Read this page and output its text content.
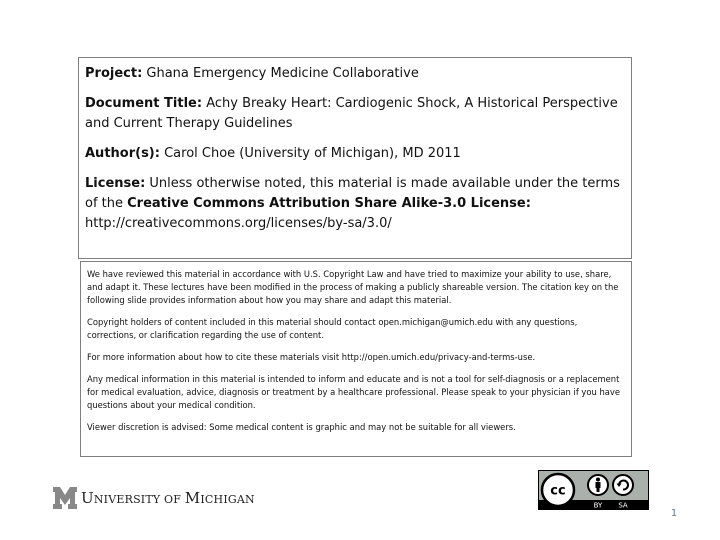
Project: Ghana Emergency Medicine Collaborative

Document Title: Achy Breaky Heart: Cardiogenic Shock, A Historical Perspective and Current Therapy Guidelines

Author(s): Carol Choe (University of Michigan), MD 2011

License: Unless otherwise noted, this material is made available under the terms of the Creative Commons Attribution Share Alike-3.0 License: http://creativecommons.org/licenses/by-sa/3.0/

We have reviewed this material in accordance with U.S. Copyright Law and have tried to maximize your ability to use, share, and adapt it. These lectures have been modified in the process of making a publicly shareable version. The citation key on the following slide provides information about how you may share and adapt this material.

Copyright holders of content included in this material should contact open.michigan@umich.edu with any questions, corrections, or clarification regarding the use of content.

For more information about how to cite these materials visit http://open.umich.edu/privacy-and-terms-use.

Any medical information in this material is intended to inform and educate and is not a tool for self-diagnosis or a replacement for medical evaluation, advice, diagnosis or treatment by a healthcare professional. Please speak to your physician if you have questions about your medical condition.

Viewer discretion is advised: Some medical content is graphic and may not be suitable for all viewers.

UNIVERSITY OF MICHIGAN
cc
BY SA
1
